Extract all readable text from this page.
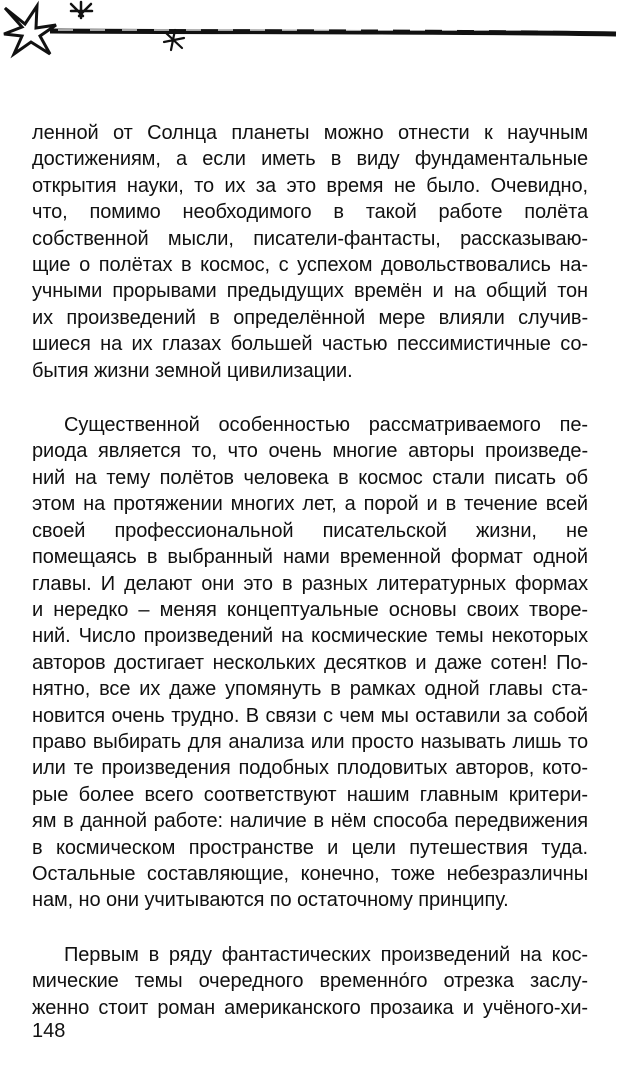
ленной от Солнца планеты можно отнести к научным
достижениям, а если иметь в виду фундаментальные
открытия науки, то их за это время не было. Очевидно,
что, помимо необходимого в такой работе полёта
собственной мысли, писатели-фантасты, рассказываю-
щие о полётах в космос, с успехом довольствовались на-
учными прорывами предыдущих времён и на общий тон
их произведений в определённой мере влияли случив-
шиеся на их глазах большей частью пессимистичные со-
бытия жизни земной цивилизации.

Существенной особенностью рассматриваемого пе-
риода является то, что очень многие авторы произведе-
ний на тему полётов человека в космос стали писать об
этом на протяжении многих лет, а порой и в течение всей
своей профессиональной писательской жизни, не
помещаясь в выбранный нами временной формат одной
главы. И делают они это в разных литературных формах
и нередко – меняя концептуальные основы своих творе-
ний. Число произведений на космические темы некоторых
авторов достигает нескольких десятков и даже сотен! По-
нятно, все их даже упомянуть в рамках одной главы ста-
новится очень трудно. В связи с чем мы оставили за собой
право выбирать для анализа или просто называть лишь то
или те произведения подобных плодовитых авторов, кото-
рые более всего соответствуют нашим главным критери-
ям в данной работе: наличие в нём способа передвижения
в космическом пространстве и цели путешествия туда.
Остальные составляющие, конечно, тоже небезразличны
нам, но они учитываются по остаточному принципу.

Первым в ряду фантастических произведений на кос-
мические темы очередного временно́го отрезка заслу-
женно стоит роман американского прозаика и учёного-хи-

148
